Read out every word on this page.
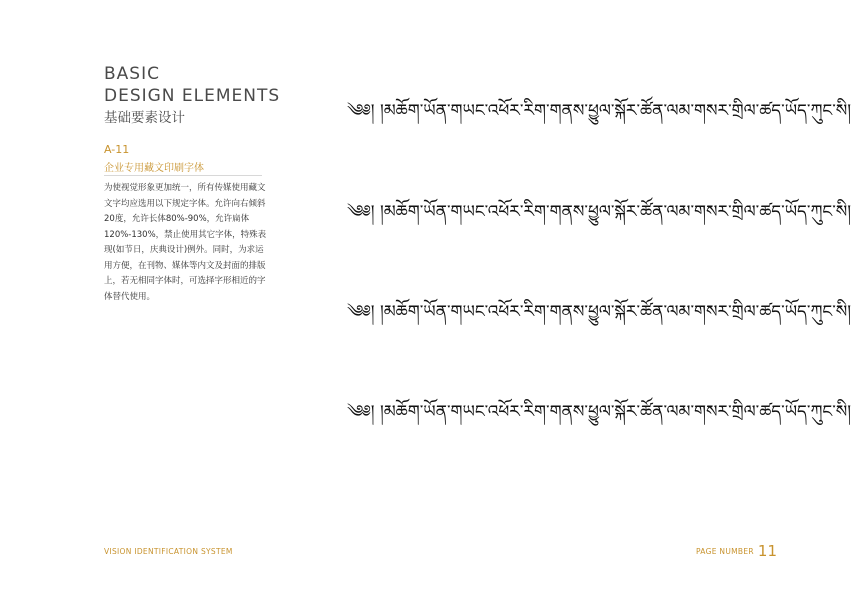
BASIC
DESIGN ELEMENTS
基础要素设计
A-11
企业专用藏文印刷字体
为使视觉形象更加统一，所有传媒使用藏文文字均应选用以下规定字体。允许向右倾斜20度，允许长体80%-90%，允许扁体120%-130%，禁止使用其它字体，特殊表现(如节日，庆典设计)例外。同时，为求运用方便，在刊物、媒体等内文及封面的排版上，若无相同字体时，可选择字形相近的字体替代使用。
༄༅། །མཆོག་ཡོན་གཡང་འཕོར་རིག་གནས་ཕྱུལ་སྐོར་ཚོན་ལམ་གསར་གྲིལ་ཚད་ཡོད་ཀུང་སི།
༄༅། །མཆོག་ཡོན་གཡང་འཕོར་རིག་གནས་ཕྱུལ་སྐོར་ཚོན་ལམ་གསར་གྲིལ་ཚད་ཡོད་ཀུང་སི།
༄༅། །མཆོག་ཡོན་གཡང་འཕོར་རིག་གནས་ཕྱུལ་སྐོར་ཚོན་ལམ་གསར་གྲིལ་ཚད་ཡོད་ཀུང་སི།
༄༅། །མཆོག་ཡོན་གཡང་འཕོར་རིག་གནས་ཕྱུལ་སྐོར་ཚོན་ལམ་གསར་གྲིལ་ཚད་ཡོད་ཀུང་སི།
VISION IDENTIFICATION SYSTEM	PAGE NUMBER 11
